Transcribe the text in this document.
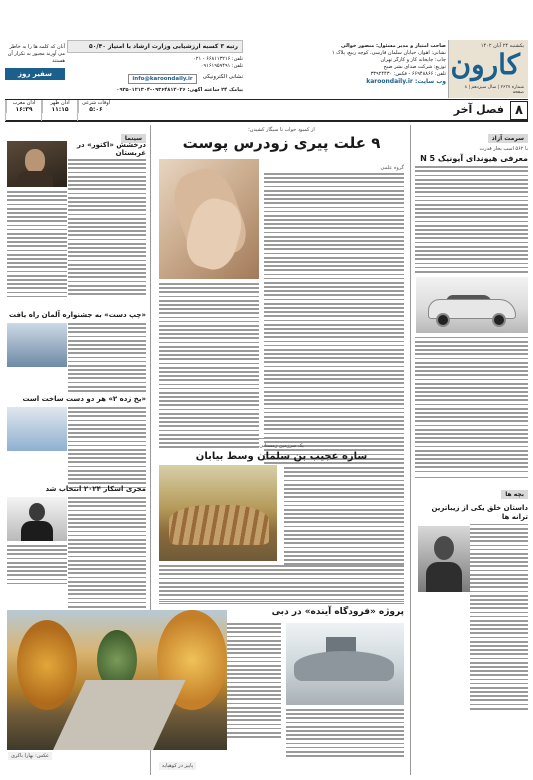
یکشنبه ۲۴ آبان ۱۴۰۲
کارون
شماره ۲۶۳۷ | سال سیزدهم | ۸ صفحه
صاحب امتیاز و مدیر مسئول: منصور خوالی
نشانی: اهواز، خیابان سلمان فارسی، کوچه ربیع، پلاک ۱
چاپ: چاپخانه کار و کارگر تهران
توزیع: شرکت صدای نشر صبح
تلفن: ۶۶۹۴۸۸۶۶ - فکس: ۳۳۹۲۴۴۳۰
وب سایت: karoondaily.ir
رتبه ۳ کسبه ارزشیابی وزارت ارشاد با امتیاز ۵۰/۴۰
تلفن: ۶۶۸۱۱۳۲۱۶ - ۰۲۱
تلفن: ۰۹۱۶۱۹۵۹۴۹۱
نشانی الکترونیکی
info@karoondaily.ir
پیامک ۲۴ ساعته آگهی: ۰۹۳۶۴۸۱۲۰۲۶-۰۹۳۵۰۱۲۱۳۰۴
آنان که کلمه ها را به خاطر می آورند مجبور به تکرار آن هستند
سفیر روز
۸
فصل آخر
اوقات شرعی
۵:۰۶
اذان ظهر
۱۱:۱۵
اذان مغرب
۱۶:۳۹
سرمت آزاد
با ۵۶۲ اسب بخار قدرت
معرفی هیوندای آیونیک N 5
بچه ها
داستان خلق یکی از زیباترین ترانه ها
از کمبود خواب تا سیگار کشیدن؛
۹ علت پیری زودرس پوست
گروه علمی
یک سرزمین زمستانی
سازه عجیب بن سلمان وسط بیابان
پروژه «فرودگاه آینده» در دبی
پاییز در کوهپایه
سینما
درخشش «اکتور» در غربستان
«چپ دست» به جشنواره آلمان راه یافت
«یخ زده ۲» هر دو دست ساخت است
مجری اسکار ۲۰۲۴ انتخاب شد
عکس: بهارا باکری
